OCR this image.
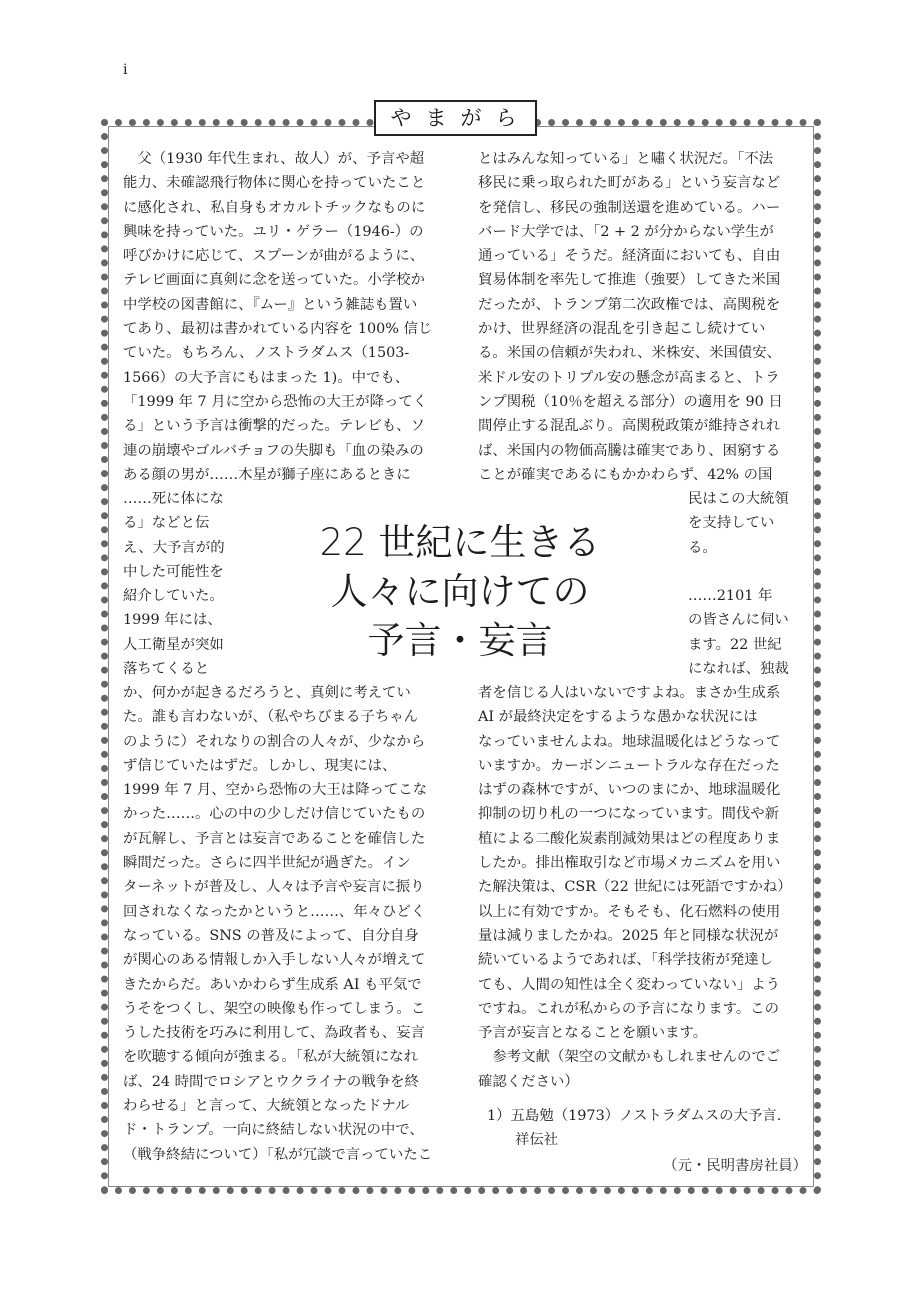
i
やまがら
　父（1930 年代生まれ、故人）が、予言や超
能力、未確認飛行物体に関心を持っていたこと
に感化され、私自身もオカルトチックなものに
興味を持っていた。ユリ・ゲラー（1946-）の
呼びかけに応じて、スプーンが曲がるように、
テレビ画面に真剣に念を送っていた。小学校か
中学校の図書館に、『ムー』という雑誌も置い
てあり、最初は書かれている内容を 100% 信じ
ていた。もちろん、ノストラダムス（1503-
1566）の大予言にもはまった 1)。中でも、
「1999 年 7 月に空から恐怖の大王が降ってく
る」という予言は衝撃的だった。テレビも、ソ
連の崩壊やゴルバチョフの失脚も「血の染みの
ある顔の男が……木星が獅子座にあるときに
……死に体にな
る」などと伝
え、大予言が的
中した可能性を
紹介していた。
1999 年には、
人工衛星が突如
落ちてくると
か、何かが起きるだろうと、真剣に考えてい
た。誰も言わないが、（私やちびまる子ちゃん
のように）それなりの割合の人々が、少なから
ず信じていたはずだ。しかし、現実には、
1999 年 7 月、空から恐怖の大王は降ってこな
かった……。心の中の少しだけ信じていたもの
が瓦解し、予言とは妄言であることを確信した
瞬間だった。さらに四半世紀が過ぎた。イン
ターネットが普及し、人々は予言や妄言に振り
回されなくなったかというと……、年々ひどく
なっている。SNS の普及によって、自分自身
が関心のある情報しか入手しない人々が増えて
きたからだ。あいかわらず生成系 AI も平気で
うそをつくし、架空の映像も作ってしまう。こ
うした技術を巧みに利用して、為政者も、妄言
を吹聴する傾向が強まる。「私が大統領になれ
ば、24 時間でロシアとウクライナの戦争を終
わらせる」と言って、大統領となったドナル
ド・トランプ。一向に終結しない状況の中で、
（戦争終結について）「私が冗談で言っていたこ
とはみんな知っている」と嘯く状況だ。「不法
移民に乗っ取られた町がある」という妄言など
を発信し、移民の強制送還を進めている。ハー
バード大学では、「2 + 2 が分からない学生が
通っている」そうだ。経済面においても、自由
貿易体制を率先して推進（強要）してきた米国
だったが、トランプ第二次政権では、高関税を
かけ、世界経済の混乱を引き起こし続けてい
る。米国の信頼が失われ、米株安、米国債安、
米ドル安のトリプル安の懸念が高まると、トラ
ンプ関税（10％を超える部分）の適用を 90 日
間停止する混乱ぶり。高関税政策が維持されれ
ば、米国内の物価高騰は確実であり、困窮する
ことが確実であるにもかかわらず、42% の国
民はこの大統領
を支持してい
る。
……2101 年
の皆さんに伺い
ます。22 世紀
になれば、独裁
者を信じる人はいないですよね。まさか生成系
AI が最終決定をするような愚かな状況には
なっていませんよね。地球温暖化はどうなって
いますか。カーボンニュートラルな存在だった
はずの森林ですが、いつのまにか、地球温暖化
抑制の切り札の一つになっています。間伐や新
植による二酸化炭素削減効果はどの程度ありま
したか。排出権取引など市場メカニズムを用い
た解決策は、CSR（22 世紀には死語ですかね）
以上に有効ですか。そもそも、化石燃料の使用
量は減りましたかね。2025 年と同様な状況が
続いているようであれば、「科学技術が発達し
ても、人間の知性は全く変わっていない」よう
ですね。これが私からの予言になります。この
予言が妄言となることを願います。
　参考文献（架空の文献かもしれませんのでご
確認ください）
1）五島勉（1973）ノストラダムスの大予言.
祥伝社
22 世紀に生きる
人々に向けての
予言・妄言
（元・民明書房社員）
